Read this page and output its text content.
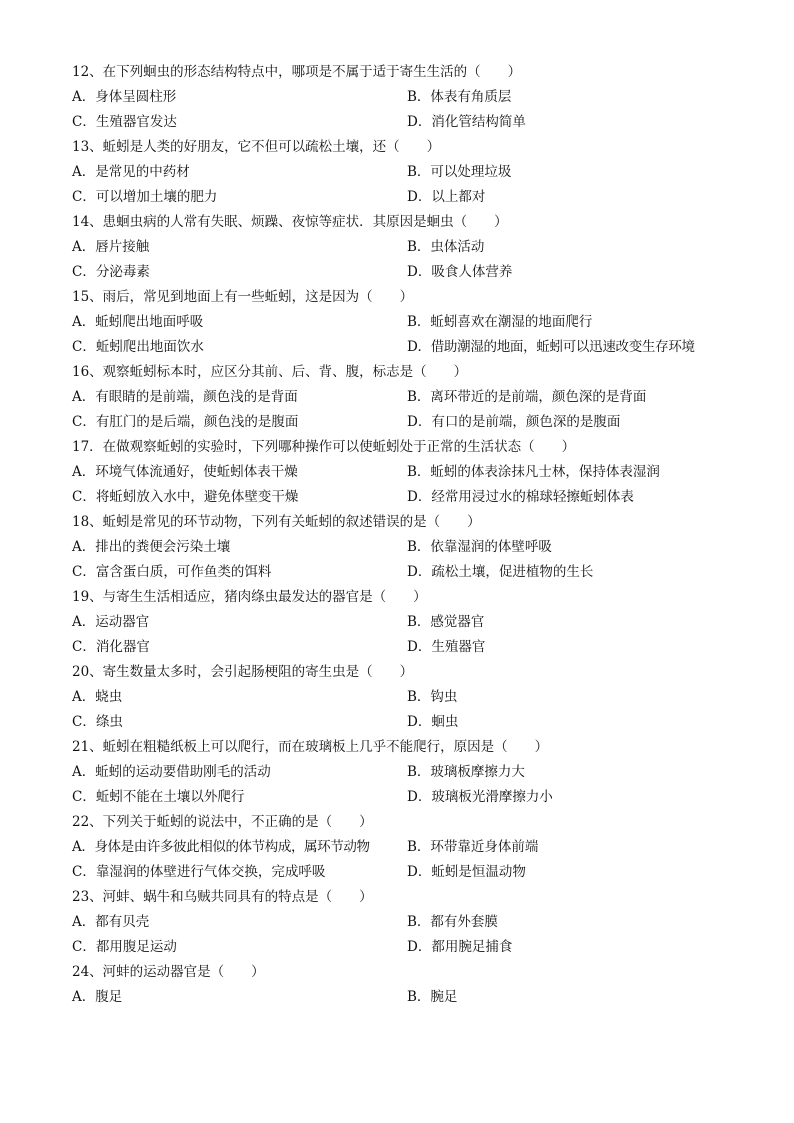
12、在下列蛔虫的形态结构特点中，哪项是不属于适于寄生生活的（　　）
A．身体呈圆柱形	B．体表有角质层
C．生殖器官发达	D．消化管结构简单
13、蚯蚓是人类的好朋友，它不但可以疏松土壤，还（　　）
A．是常见的中药材	B．可以处理垃圾
C．可以增加土壤的肥力	D．以上都对
14、患蛔虫病的人常有失眠、烦躁、夜惊等症状．其原因是蛔虫（　　）
A．唇片接触	B．虫体活动
C．分泌毒素	D．吸食人体营养
15、雨后，常见到地面上有一些蚯蚓，这是因为（　　）
A．蚯蚓爬出地面呼吸	B．蚯蚓喜欢在潮湿的地面爬行
C．蚯蚓爬出地面饮水	D．借助潮湿的地面，蚯蚓可以迅速改变生存环境
16、观察蚯蚓标本时，应区分其前、后、背、腹，标志是（　　）
A．有眼睛的是前端，颜色浅的是背面	B．离环带近的是前端，颜色深的是背面
C．有肛门的是后端，颜色浅的是腹面	D．有口的是前端，颜色深的是腹面
17．在做观察蚯蚓的实验时，下列哪种操作可以使蚯蚓处于正常的生活状态（　　）
A．环境气体流通好，使蚯蚓体表干燥	B．蚯蚓的体表涂抹凡士林，保持体表湿润
C．将蚯蚓放入水中，避免体壁变干燥	D．经常用浸过水的棉球轻擦蚯蚓体表
18、蚯蚓是常见的环节动物，下列有关蚯蚓的叙述错误的是（　　）
A．排出的粪便会污染土壤	B．依靠湿润的体壁呼吸
C．富含蛋白质，可作鱼类的饵料	D．疏松土壤，促进植物的生长
19、与寄生生活相适应，猪肉绦虫最发达的器官是（　　）
A．运动器官	B．感觉器官
C．消化器官	D．生殖器官
20、寄生数量太多时，会引起肠梗阻的寄生虫是（　　）
A．蛲虫	B．钩虫
C．绦虫	D．蛔虫
21、蚯蚓在粗糙纸板上可以爬行，而在玻璃板上几乎不能爬行，原因是（　　）
A．蚯蚓的运动要借助刚毛的活动	B．玻璃板摩擦力大
C．蚯蚓不能在土壤以外爬行	D．玻璃板光滑摩擦力小
22、下列关于蚯蚓的说法中，不正确的是（　　）
A．身体是由许多彼此相似的体节构成，属环节动物	B．环带靠近身体前端
C．靠湿润的体壁进行气体交换，完成呼吸	D．蚯蚓是恒温动物
23、河蚌、蜗牛和乌贼共同具有的特点是（　　）
A．都有贝壳	B．都有外套膜
C．都用腹足运动	D．都用腕足捕食
24、河蚌的运动器官是（　　）
A．腹足	B．腕足
